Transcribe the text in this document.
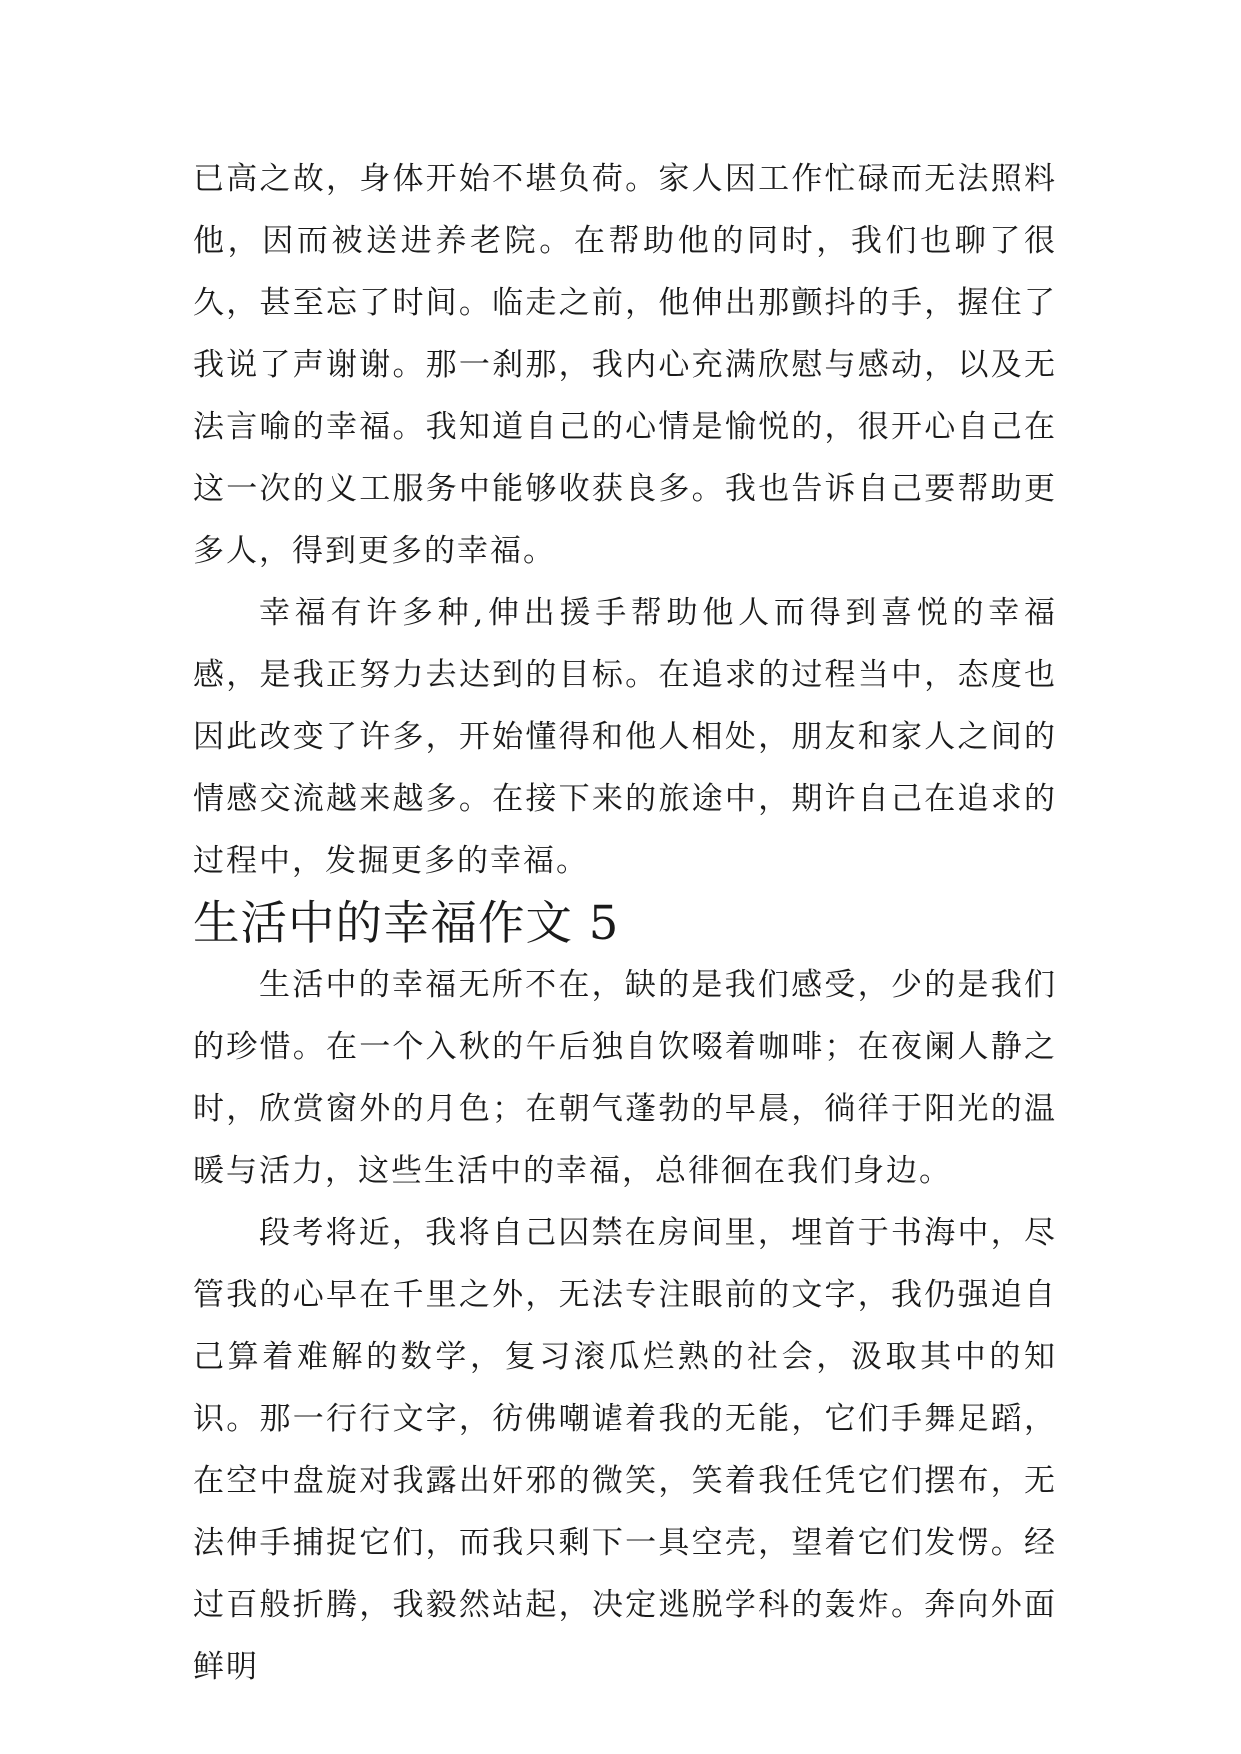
已高之故，身体开始不堪负荷。家人因工作忙碌而无法照料他，因而被送进养老院。在帮助他的同时，我们也聊了很久，甚至忘了时间。临走之前，他伸出那颤抖的手，握住了我说了声谢谢。那一刹那，我内心充满欣慰与感动，以及无法言喻的幸福。我知道自己的心情是愉悦的，很开心自己在这一次的义工服务中能够收获良多。我也告诉自己要帮助更多人，得到更多的幸福。

幸福有许多种,伸出援手帮助他人而得到喜悦的幸福感，是我正努力去达到的目标。在追求的过程当中，态度也因此改变了许多，开始懂得和他人相处，朋友和家人之间的情感交流越来越多。在接下来的旅途中，期许自己在追求的过程中，发掘更多的幸福。

生活中的幸福作文 5

生活中的幸福无所不在，缺的是我们感受，少的是我们的珍惜。在一个入秋的午后独自饮啜着咖啡；在夜阑人静之时，欣赏窗外的月色；在朝气蓬勃的早晨，徜徉于阳光的温暖与活力，这些生活中的幸福，总徘徊在我们身边。

段考将近，我将自己囚禁在房间里，埋首于书海中，尽管我的心早在千里之外，无法专注眼前的文字，我仍强迫自己算着难解的数学，复习滚瓜烂熟的社会，汲取其中的知识。那一行行文字，彷佛嘲谑着我的无能，它们手舞足蹈，在空中盘旋对我露出奸邪的微笑，笑着我任凭它们摆布，无法伸手捕捉它们，而我只剩下一具空壳，望着它们发愣。经过百般折腾，我毅然站起，决定逃脱学科的轰炸。奔向外面鲜明
